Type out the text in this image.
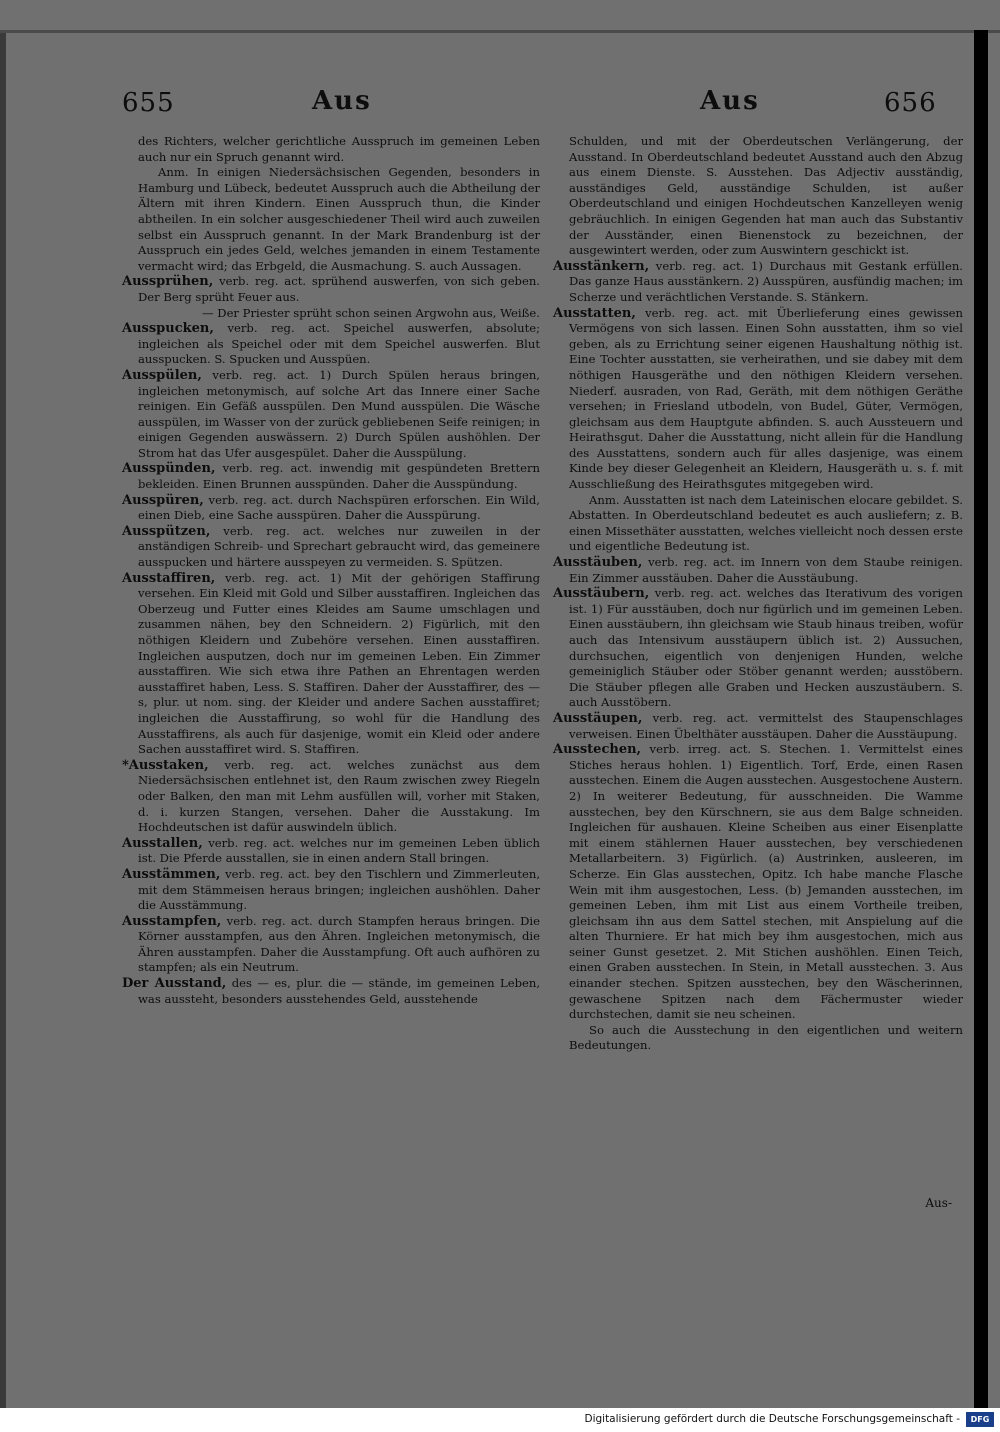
655	Aus	Aus	656

des Richters, welcher gerichtliche Ausspruch im gemeinen Leben auch nur ein Spruch genannt wird.

Anm. In einigen Niedersächsischen Gegenden, besonders in Hamburg und Lübeck, bedeutet Ausspruch auch die Abtheilung der Ältern mit ihren Kindern. Einen Ausspruch thun, die Kinder abtheilen. In ein solcher ausgeschiedener Theil wird auch zuweilen selbst ein Ausspruch genannt. In der Mark Brandenburg ist der Ausspruch ein jedes Geld, welches jemanden in einem Testamente vermacht wird; das Erbgeld, die Ausmachung. S. auch Aussagen.

Aussprühen, verb. reg. act. sprühend auswerfen, von sich geben. Der Berg sprüht Feuer aus.

— Der Priester sprüht schon seinen Argwohn aus, Weiße.

Ausspucken, verb. reg. act. Speichel auswerfen, absolute; ingleichen als Speichel oder mit dem Speichel auswerfen. Blut ausspucken. S. Spucken und Ausspüen.

Ausspülen, verb. reg. act. 1) Durch Spülen heraus bringen, ingleichen metonymisch, auf solche Art das Innere einer Sache reinigen. Ein Gefäß ausspülen. Den Mund ausspülen. Die Wäsche ausspülen, im Wasser von der zurück gebliebenen Seife reinigen; in einigen Gegenden auswässern. 2) Durch Spülen aushöhlen. Der Strom hat das Ufer ausgespület. Daher die Ausspülung.

Ausspünden, verb. reg. act. inwendig mit gespündeten Brettern bekleiden. Einen Brunnen ausspünden. Daher die Ausspündung.

Ausspüren, verb. reg. act. durch Nachspüren erforschen. Ein Wild, einen Dieb, eine Sache ausspüren. Daher die Ausspürung.

Ausspützen, verb. reg. act. welches nur zuweilen in der anständigen Schreib- und Sprechart gebraucht wird, das gemeinere ausspucken und härtere ausspeyen zu vermeiden. S. Spützen.

Ausstaffiren, verb. reg. act. 1) Mit der gehörigen Staffirung versehen. Ein Kleid mit Gold und Silber ausstaffiren. Ingleichen das Oberzeug und Futter eines Kleides am Saume umschlagen und zusammen nähen, bey den Schneidern. 2) Figürlich, mit den nöthigen Kleidern und Zubehöre versehen. Einen ausstaffiren. Ingleichen ausputzen, doch nur im gemeinen Leben. Ein Zimmer ausstaffiren. Wie sich etwa ihre Pathen an Ehrentagen werden ausstaffiret haben, Less. S. Staffiren. Daher der Ausstaffirer, des — s, plur. ut nom. sing. der Kleider und andere Sachen ausstaffiret; ingleichen die Ausstaffirung, so wohl für die Handlung des Ausstaffirens, als auch für dasjenige, womit ein Kleid oder andere Sachen ausstaffiret wird. S. Staffiren.

*Ausstaken, verb. reg. act. welches zunächst aus dem Niedersächsischen entlehnet ist, den Raum zwischen zwey Riegeln oder Balken, den man mit Lehm ausfüllen will, vorher mit Staken, d. i. kurzen Stangen, versehen. Daher die Ausstakung. Im Hochdeutschen ist dafür auswindeln üblich.

Ausstallen, verb. reg. act. welches nur im gemeinen Leben üblich ist. Die Pferde ausstallen, sie in einen andern Stall bringen.

Ausstämmen, verb. reg. act. bey den Tischlern und Zimmerleuten, mit dem Stämmeisen heraus bringen; ingleichen aushöhlen. Daher die Ausstämmung.

Ausstampfen, verb. reg. act. durch Stampfen heraus bringen. Die Körner ausstampfen, aus den Ähren. Ingleichen metonymisch, die Ähren ausstampfen. Daher die Ausstampfung. Oft auch aufhören zu stampfen; als ein Neutrum.

Der Ausstand, des — es, plur. die — stände, im gemeinen Leben, was aussteht, besonders ausstehendes Geld, ausstehende

Schulden, und mit der Oberdeutschen Verlängerung, der Ausstand. In Oberdeutschland bedeutet Ausstand auch den Abzug aus einem Dienste. S. Ausstehen. Das Adjectiv ausständig, ausständiges Geld, ausständige Schulden, ist außer Oberdeutschland und einigen Hochdeutschen Kanzelleyen wenig gebräuchlich. In einigen Gegenden hat man auch das Substantiv der Ausständer, einen Bienenstock zu bezeichnen, der ausgewintert werden, oder zum Auswintern geschickt ist.

Ausstänkern, verb. reg. act. 1) Durchaus mit Gestank erfüllen. Das ganze Haus ausstänkern. 2) Ausspüren, ausfündig machen; im Scherze und verächtlichen Verstande. S. Stänkern.

Ausstatten, verb. reg. act. mit Überlieferung eines gewissen Vermögens von sich lassen. Einen Sohn ausstatten, ihm so viel geben, als zu Errichtung seiner eigenen Haushaltung nöthig ist. Eine Tochter ausstatten, sie verheirathen, und sie dabey mit dem nöthigen Hausgeräthe und den nöthigen Kleidern versehen. Niederf. ausraden, von Rad, Geräth, mit dem nöthigen Geräthe versehen; in Friesland utbodeln, von Budel, Güter, Vermögen, gleichsam aus dem Hauptgute abfinden. S. auch Aussteuern und Heirathsgut. Daher die Ausstattung, nicht allein für die Handlung des Ausstattens, sondern auch für alles dasjenige, was einem Kinde bey dieser Gelegenheit an Kleidern, Hausgeräth u. s. f. mit Ausschließung des Heirathsgutes mitgegeben wird.

Anm. Ausstatten ist nach dem Lateinischen elocare gebildet. S. Abstatten. In Oberdeutschland bedeutet es auch ausliefern; z. B. einen Missethäter ausstatten, welches vielleicht noch dessen erste und eigentliche Bedeutung ist.

Ausstäuben, verb. reg. act. im Innern von dem Staube reinigen. Ein Zimmer ausstäuben. Daher die Ausstäubung.

Ausstäubern, verb. reg. act. welches das Iterativum des vorigen ist. 1) Für ausstäuben, doch nur figürlich und im gemeinen Leben. Einen ausstäubern, ihn gleichsam wie Staub hinaus treiben, wofür auch das Intensivum ausstäupern üblich ist. 2) Aussuchen, durchsuchen, eigentlich von denjenigen Hunden, welche gemeiniglich Stäuber oder Stöber genannt werden; ausstöbern. Die Stäuber pflegen alle Graben und Hecken auszustäubern. S. auch Ausstöbern.

Ausstäupen, verb. reg. act. vermittelst des Staupenschlages verweisen. Einen Übelthäter ausstäupen. Daher die Ausstäupung.

Ausstechen, verb. irreg. act. S. Stechen. 1. Vermittelst eines Stiches heraus hohlen. 1) Eigentlich. Torf, Erde, einen Rasen ausstechen. Einem die Augen ausstechen. Ausgestochene Austern. 2) In weiterer Bedeutung, für ausschneiden. Die Wamme ausstechen, bey den Kürschnern, sie aus dem Balge schneiden. Ingleichen für aushauen. Kleine Scheiben aus einer Eisenplatte mit einem stählernen Hauer ausstechen, bey verschiedenen Metallarbeitern. 3) Figürlich. (a) Austrinken, ausleeren, im Scherze. Ein Glas ausstechen, Opitz. Ich habe manche Flasche Wein mit ihm ausgestochen, Less. (b) Jemanden ausstechen, im gemeinen Leben, ihm mit List aus einem Vortheile treiben, gleichsam ihn aus dem Sattel stechen, mit Anspielung auf die alten Thurniere. Er hat mich bey ihm ausgestochen, mich aus seiner Gunst gesetzet. 2. Mit Stichen aushöhlen. Einen Teich, einen Graben ausstechen. In Stein, in Metall ausstechen. 3. Aus einander stechen. Spitzen ausstechen, bey den Wäscherinnen, gewaschene Spitzen nach dem Fächermuster wieder durchstechen, damit sie neu scheinen.

So auch die Ausstechung in den eigentlichen und weitern Bedeutungen.

Aus-
Digitalisierung gefördert durch die Deutsche Forschungsgemeinschaft -	DFG
